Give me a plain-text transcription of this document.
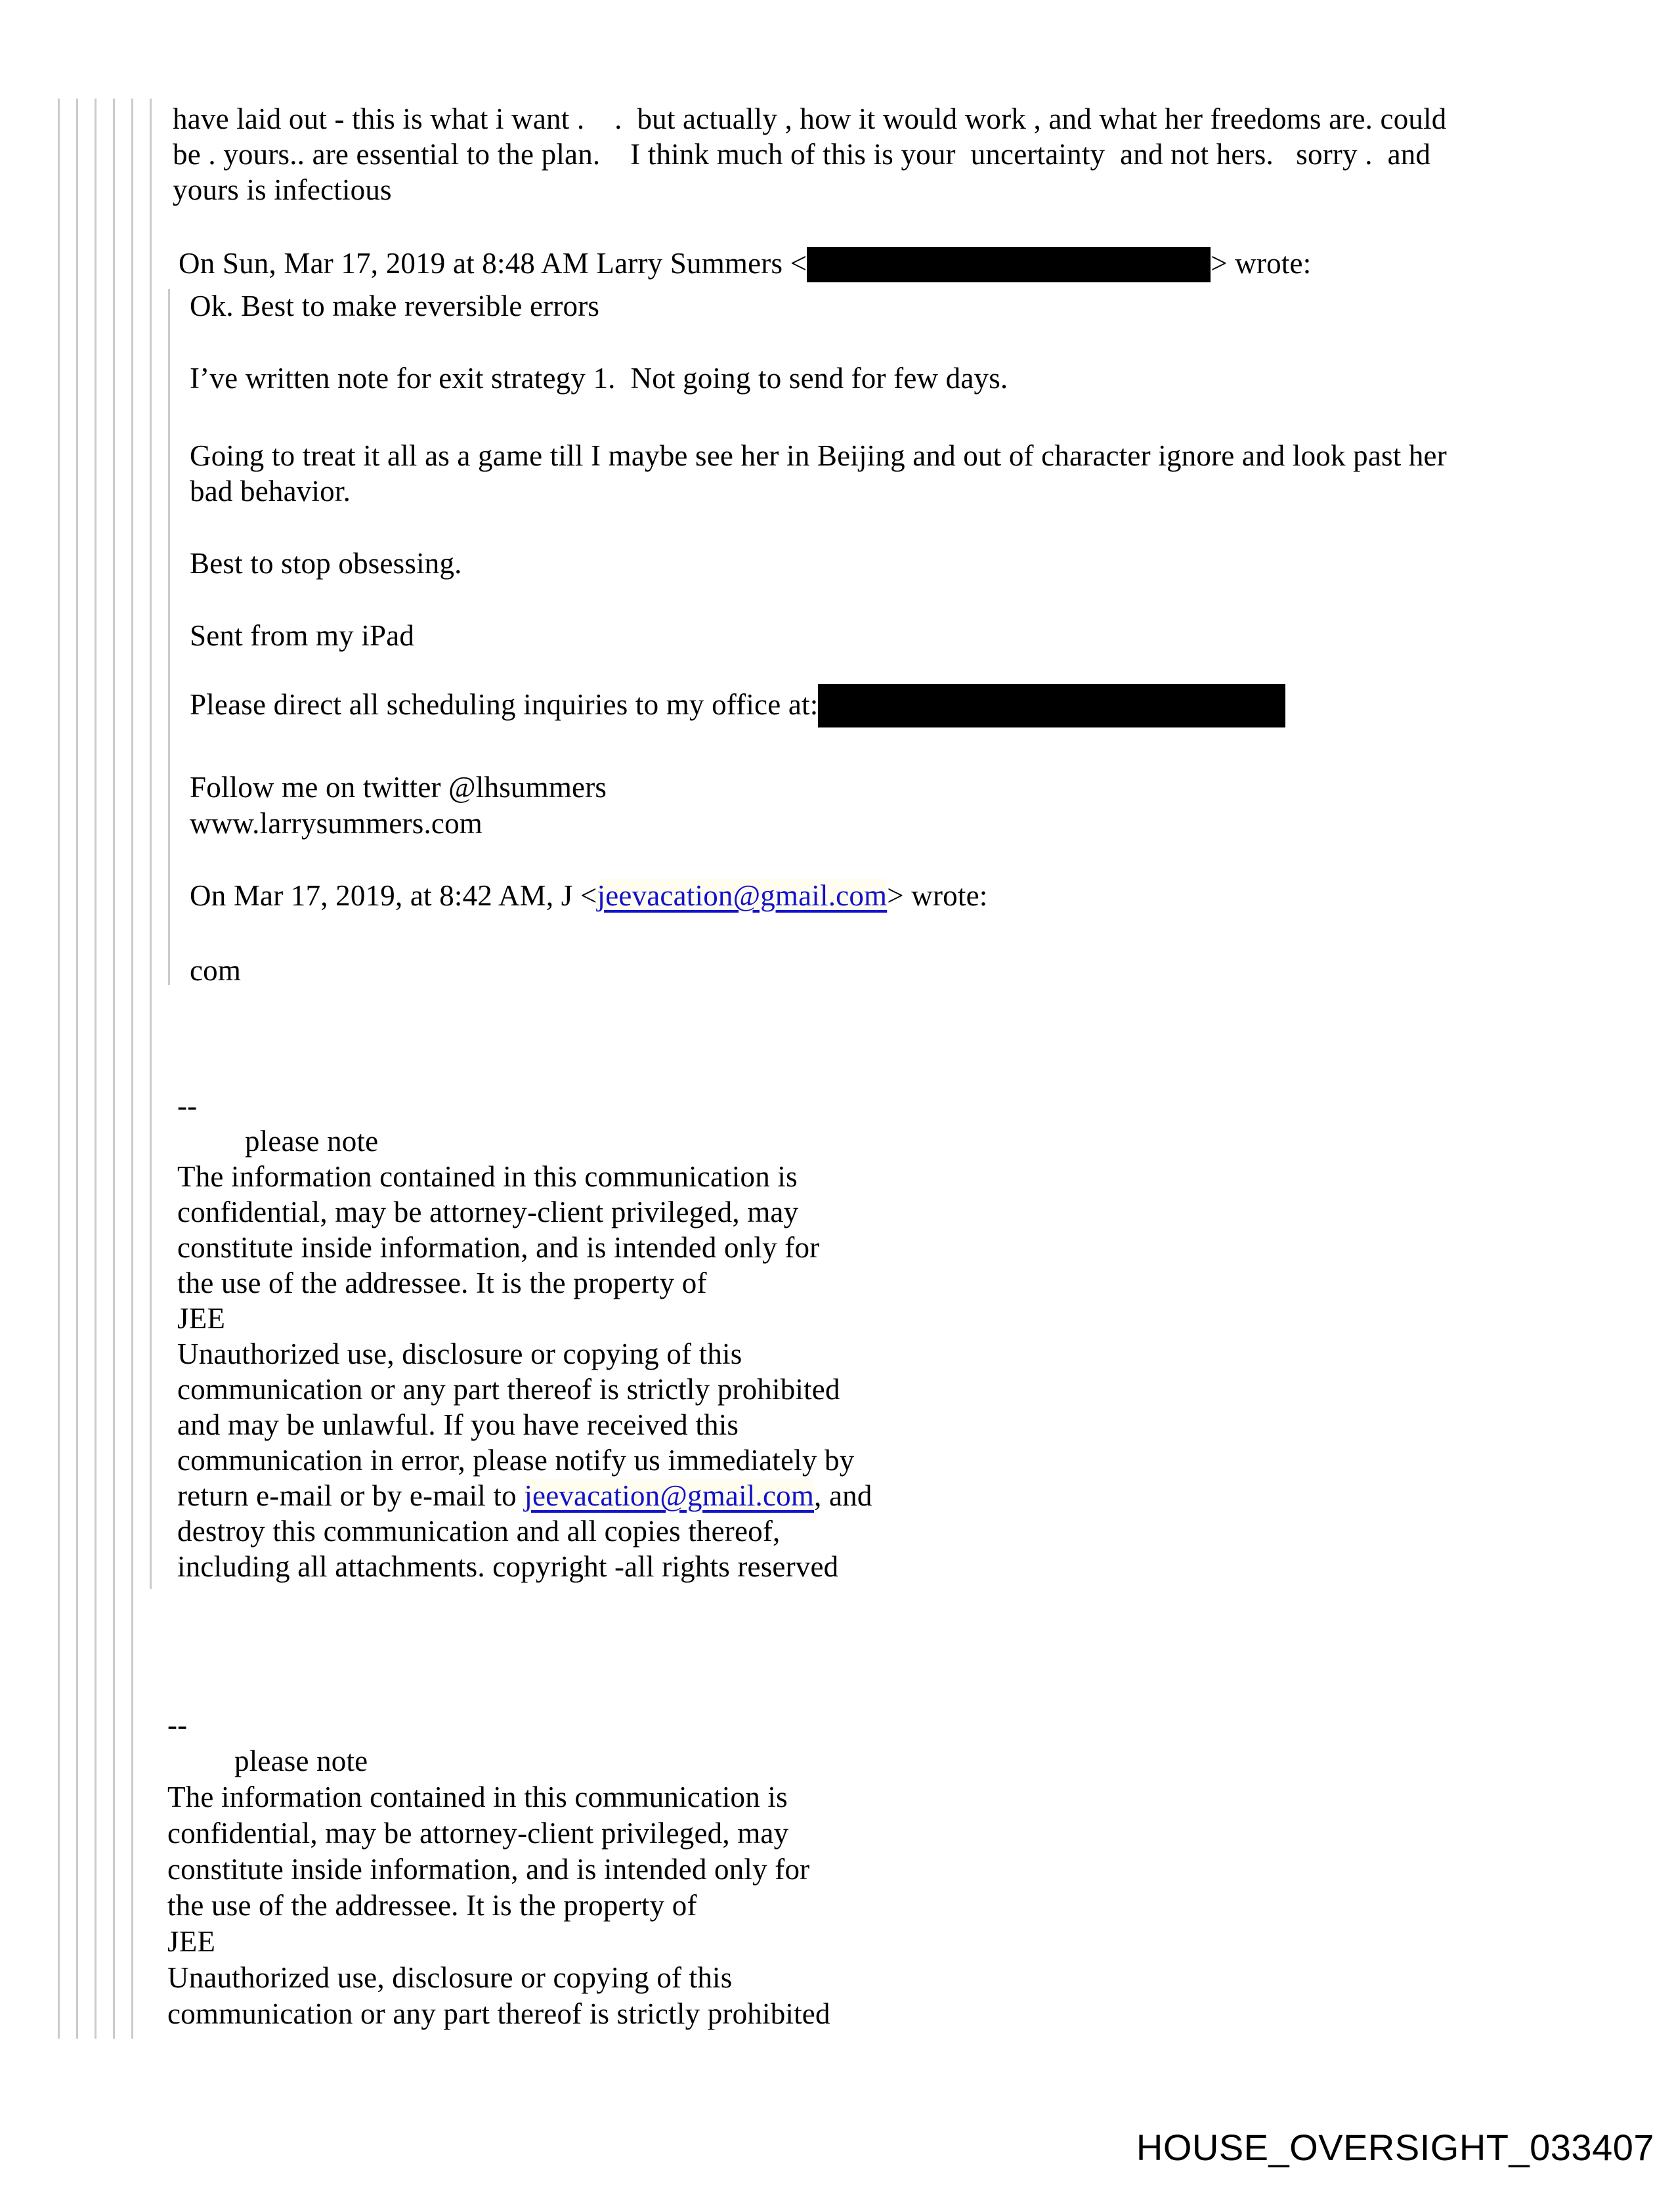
have laid out - this is what i want .    .  but actually , how it would work , and what her freedoms are. could
be . yours.. are essential to the plan.    I think much of this is your  uncertainty  and not hers.   sorry .  and
yours is infectious
On Sun, Mar 17, 2019 at 8:48 AM Larry Summers <	> wrote:
Ok. Best to make reversible errors
I’ve written note for exit strategy 1.  Not going to send for few days.
Going to treat it all as a game till I maybe see her in Beijing and out of character ignore and look past her
bad behavior.
Best to stop obsessing.
Sent from my iPad
Please direct all scheduling inquiries to my office at:
Follow me on twitter @lhsummers
www.larrysummers.com
On Mar 17, 2019, at 8:42 AM, J <jeevacation@gmail.com> wrote:
com
--
please note
The information contained in this communication is
confidential, may be attorney-client privileged, may
constitute inside information, and is intended only for
the use of the addressee. It is the property of
JEE
Unauthorized use, disclosure or copying of this
communication or any part thereof is strictly prohibited
and may be unlawful. If you have received this
communication in error, please notify us immediately by
return e-mail or by e-mail to jeevacation@gmail.com, and
destroy this communication and all copies thereof,
including all attachments. copyright -all rights reserved
--
please note
The information contained in this communication is
confidential, may be attorney-client privileged, may
constitute inside information, and is intended only for
the use of the addressee. It is the property of
JEE
Unauthorized use, disclosure or copying of this
communication or any part thereof is strictly prohibited
HOUSE_OVERSIGHT_033407
